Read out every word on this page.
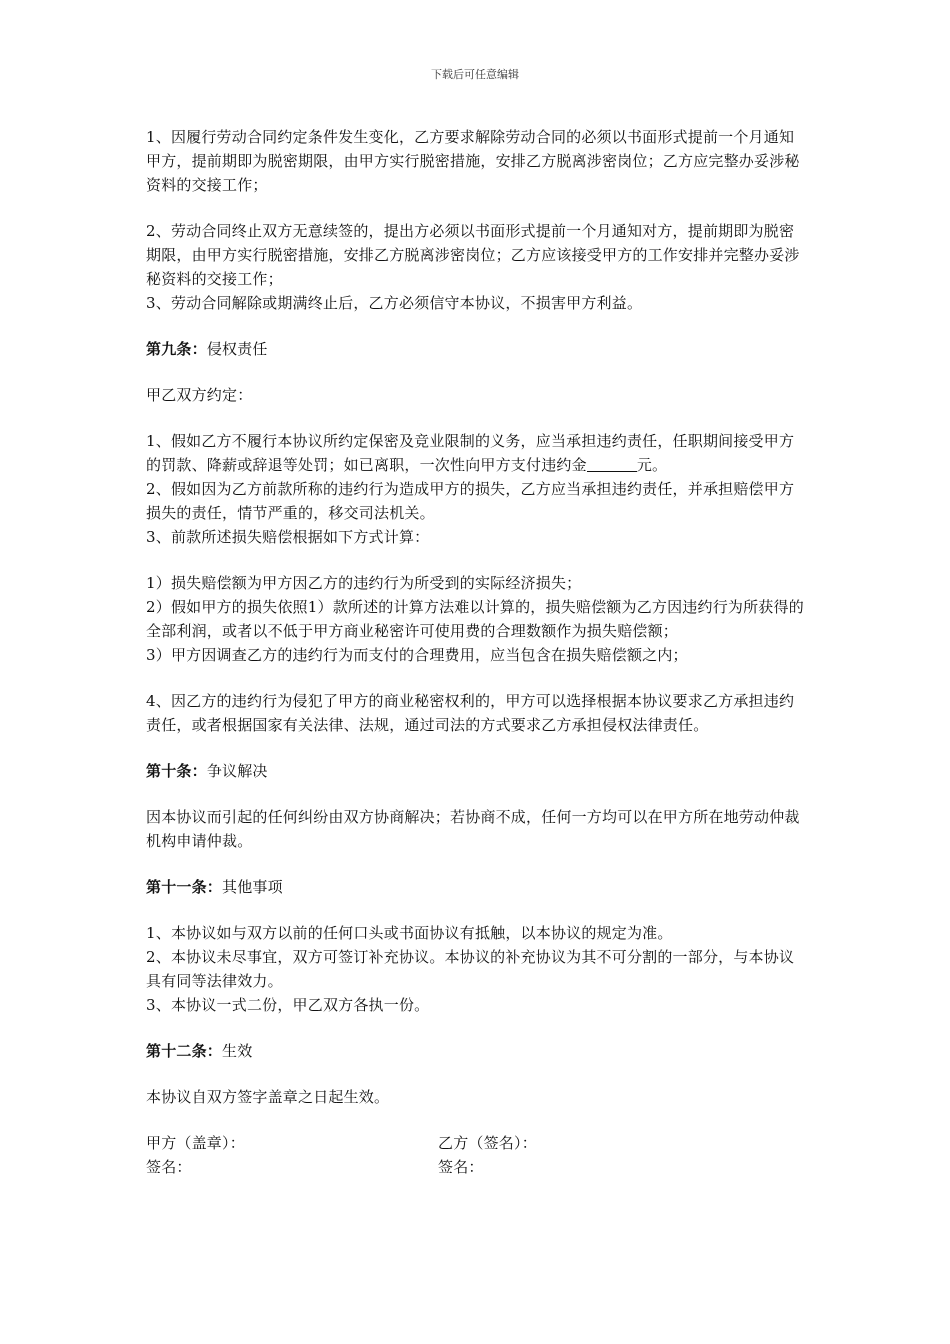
下载后可任意编辑

1、因履行劳动合同约定条件发生变化，乙方要求解除劳动合同的必须以书面形式提前一个月通知甲方，提前期即为脱密期限，由甲方实行脱密措施，安排乙方脱离涉密岗位；乙方应完整办妥涉秘资料的交接工作；

2、劳动合同终止双方无意续签的，提出方必须以书面形式提前一个月通知对方，提前期即为脱密期限，由甲方实行脱密措施，安排乙方脱离涉密岗位；乙方应该接受甲方的工作安排并完整办妥涉秘资料的交接工作；

3、劳动合同解除或期满终止后，乙方必须信守本协议，不损害甲方利益。

第九条：侵权责任

甲乙双方约定：

1、假如乙方不履行本协议所约定保密及竞业限制的义务，应当承担违约责任，任职期间接受甲方的罚款、降薪或辞退等处罚；如已离职，一次性向甲方支付违约金	元。

2、假如因为乙方前款所称的违约行为造成甲方的损失，乙方应当承担违约责任，并承担赔偿甲方损失的责任，情节严重的，移交司法机关。

3、前款所述损失赔偿根据如下方式计算：

1）损失赔偿额为甲方因乙方的违约行为所受到的实际经济损失；

2）假如甲方的损失依照1）款所述的计算方法难以计算的，损失赔偿额为乙方因违约行为所获得的全部利润，或者以不低于甲方商业秘密许可使用费的合理数额作为损失赔偿额；

3）甲方因调查乙方的违约行为而支付的合理费用，应当包含在损失赔偿额之内；

4、因乙方的违约行为侵犯了甲方的商业秘密权利的，甲方可以选择根据本协议要求乙方承担违约责任，或者根据国家有关法律、法规，通过司法的方式要求乙方承担侵权法律责任。

第十条：争议解决

因本协议而引起的任何纠纷由双方协商解决；若协商不成，任何一方均可以在甲方所在地劳动仲裁机构申请仲裁。

第十一条：其他事项

1、本协议如与双方以前的任何口头或书面协议有抵触，以本协议的规定为准。

2、本协议未尽事宜，双方可签订补充协议。本协议的补充协议为其不可分割的一部分，与本协议具有同等法律效力。

3、本协议一式二份，甲乙双方各执一份。

第十二条：生效

本协议自双方签字盖章之日起生效。

甲方（盖章）：	乙方（签名）：
签名：	签名：
